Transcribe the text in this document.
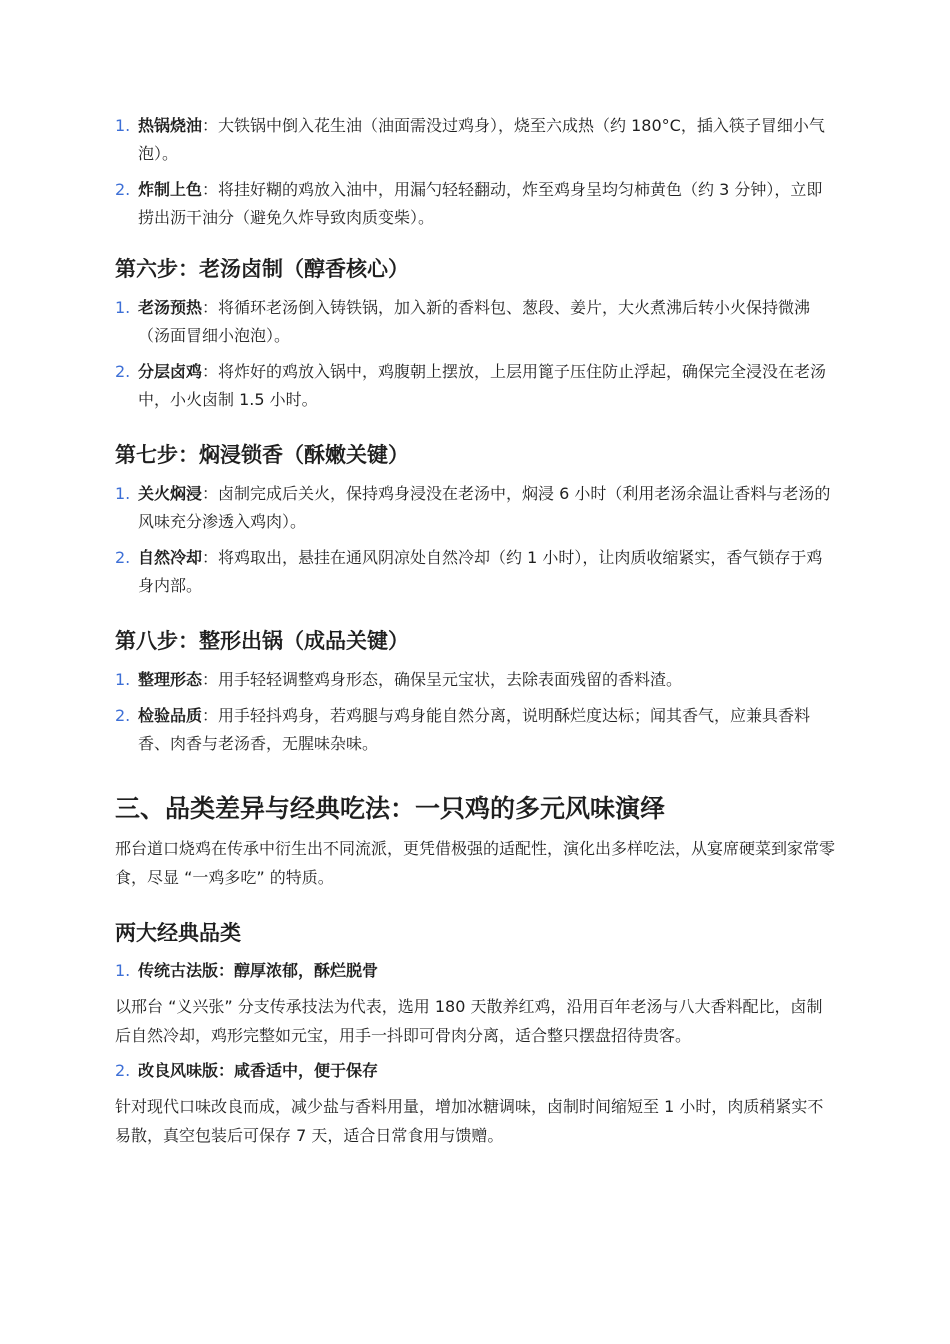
1. 热锅烧油：大铁锅中倒入花生油（油面需没过鸡身），烧至六成热（约 180°C，插入筷子冒细小气泡）。
2. 炸制上色：将挂好糊的鸡放入油中，用漏勺轻轻翻动，炸至鸡身呈均匀柿黄色（约 3 分钟），立即捞出沥干油分（避免久炸导致肉质变柴）。
第六步：老汤卤制（醇香核心）
1. 老汤预热：将循环老汤倒入铸铁锅，加入新的香料包、葱段、姜片，大火煮沸后转小火保持微沸（汤面冒细小泡泡）。
2. 分层卤鸡：将炸好的鸡放入锅中，鸡腹朝上摆放，上层用篦子压住防止浮起，确保完全浸没在老汤中，小火卤制 1.5 小时。
第七步：焖浸锁香（酥嫩关键）
1. 关火焖浸：卤制完成后关火，保持鸡身浸没在老汤中，焖浸 6 小时（利用老汤余温让香料与老汤的风味充分渗透入鸡肉）。
2. 自然冷却：将鸡取出，悬挂在通风阴凉处自然冷却（约 1 小时），让肉质收缩紧实，香气锁存于鸡身内部。
第八步：整形出锅（成品关键）
1. 整理形态：用手轻轻调整鸡身形态，确保呈元宝状，去除表面残留的香料渣。
2. 检验品质：用手轻抖鸡身，若鸡腿与鸡身能自然分离，说明酥烂度达标；闻其香气，应兼具香料香、肉香与老汤香，无腥味杂味。
三、品类差异与经典吃法：一只鸡的多元风味演绎

邢台道口烧鸡在传承中衍生出不同流派，更凭借极强的适配性，演化出多样吃法，从宴席硬菜到家常零食，尽显 “一鸡多吃” 的特质。

两大经典品类
1. 传统古法版：醇厚浓郁，酥烂脱骨

以邢台 “义兴张” 分支传承技法为代表，选用 180 天散养红鸡，沿用百年老汤与八大香料配比，卤制后自然冷却，鸡形完整如元宝，用手一抖即可骨肉分离，适合整只摆盘招待贵客。

2. 改良风味版：咸香适中，便于保存

针对现代口味改良而成，减少盐与香料用量，增加冰糖调味，卤制时间缩短至 1 小时，肉质稍紧实不易散，真空包装后可保存 7 天，适合日常食用与馈赠。
